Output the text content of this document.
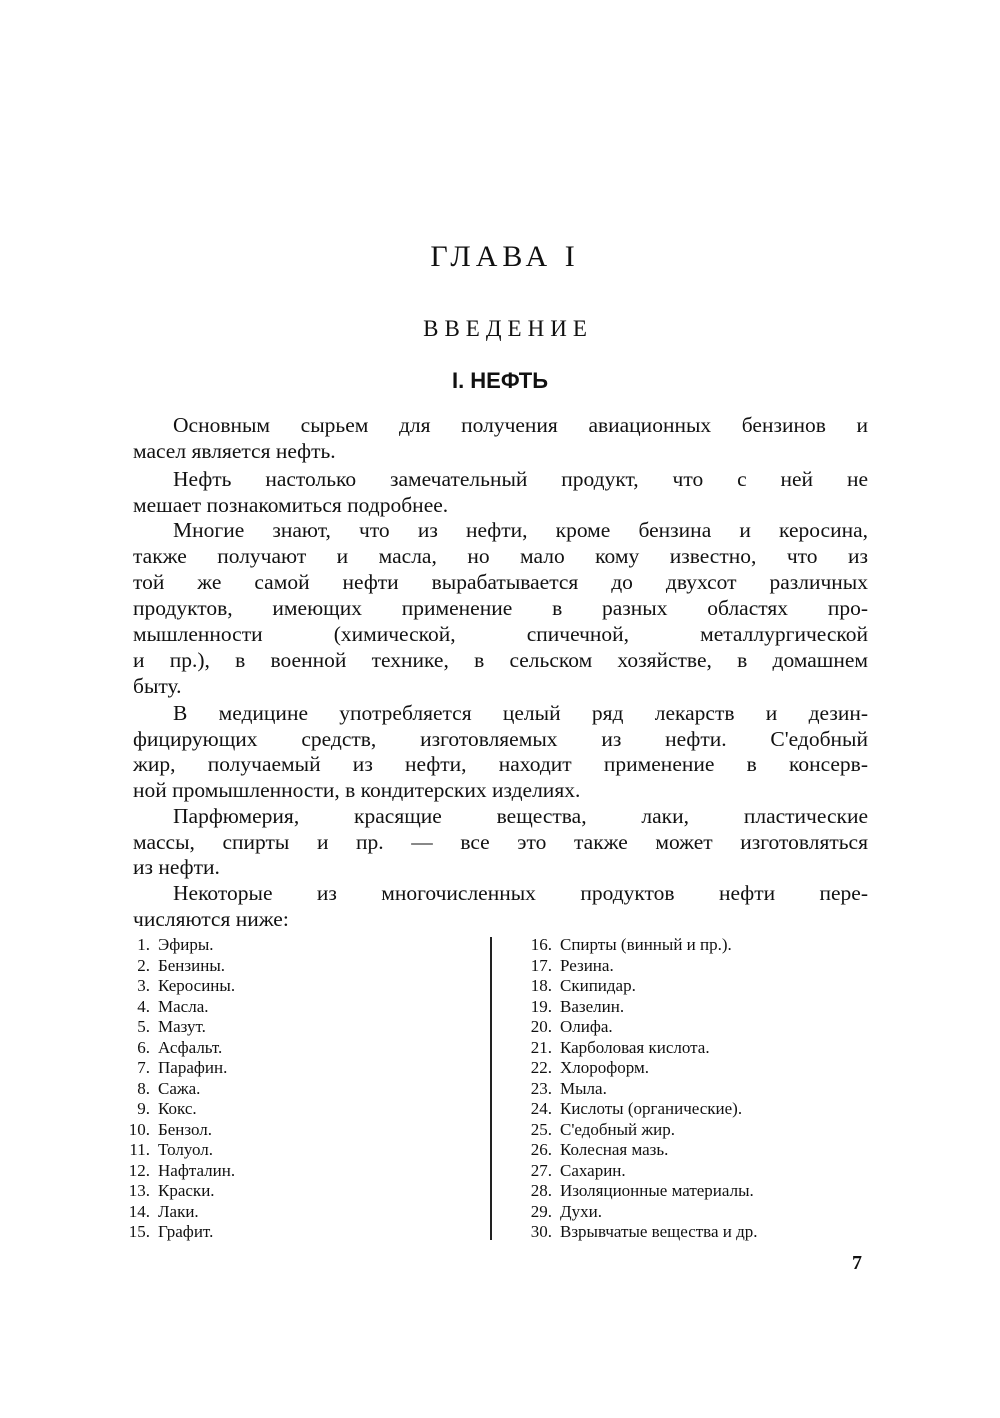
ГЛАВА I
ВВЕДЕНИЕ
I. НЕФТЬ
Основным сырьем для получения авиационных бензинов и
масел является нефть.
Нефть настолько замечательный продукт, что с ней не
мешает познакомиться подробнее.
Многие знают, что из нефти, кроме бензина и керосина,
также получают и масла, но мало кому известно, что из
той же самой нефти вырабатывается до двухсот различных
продуктов, имеющих применение в разных областях про-
мышленности (химической, спичечной, металлургической
и пр.), в военной технике, в сельском хозяйстве, в домашнем
быту.
В медицине употребляется целый ряд лекарств и дезин-
фицирующих средств, изготовляемых из нефти. С'едобный
жир, получаемый из нефти, находит применение в консерв-
ной промышленности, в кондитерских изделиях.
Парфюмерия, красящие вещества, лаки, пластические
массы, спирты и пр. — все это также может изготовляться
из нефти.
Некоторые из многочисленных продуктов нефти пере-
числяются ниже:
1. Эфиры.
2. Бензины.
3. Керосины.
4. Масла.
5. Мазут.
6. Асфальт.
7. Парафин.
8. Сажа.
9. Кокс.
10. Бензол.
11. Толуол.
12. Нафталин.
13. Краски.
14. Лаки.
15. Графит.
16. Спирты (винный и пр.).
17. Резина.
18. Скипидар.
19. Вазелин.
20. Олифа.
21. Карболовая кислота.
22. Хлороформ.
23. Мыла.
24. Кислоты (органические).
25. С'едобный жир.
26. Колесная мазь.
27. Сахарин.
28. Изоляционные материалы.
29. Духи.
30. Взрывчатые вещества и др.
7
